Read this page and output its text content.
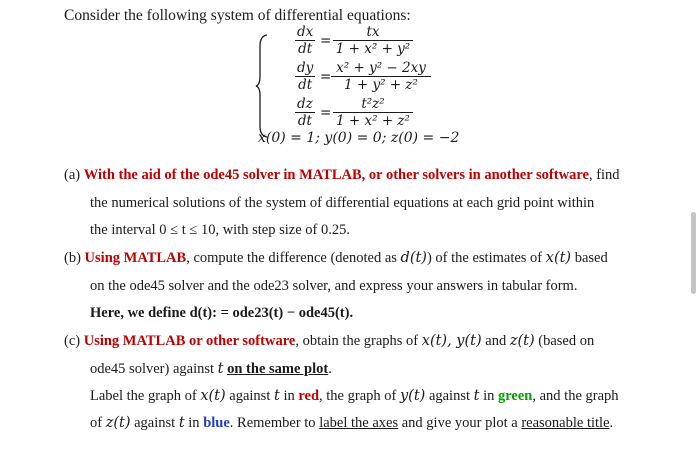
Consider the following system of differential equations:
$\frac{dx}{dt} = \frac{tx}{\text{1 + x² + y²}}$
$\frac{dy}{dt} = \frac{\text{x² + y² − 2xy}}{\text{1 + y² + z²}}$
$\frac{dz}{dt} = \frac{\text{t²z²}}{\text{1 + x² + z²}}$
x(0) = 1; y(0) = 0; z(0) = −2
(a) With the aid of the ode45 solver in MATLAB, or other solvers in another software, find
the numerical solutions of the system of differential equations at each grid point within
the interval 0 ≤ t ≤ 10, with step size of 0.25.
(b) Using MATLAB, compute the difference (denoted as d(t)) of the estimates of x(t) based
on the ode45 solver and the ode23 solver, and express your answers in tabular form.
Here, we define d(t): = ode23(t) − ode45(t).
(c) Using MATLAB or other software, obtain the graphs of x(t), y(t) and z(t) (based on
ode45 solver) against t on the same plot.
Label the graph of x(t) against t in red, the graph of y(t) against t in green, and the graph
of z(t) against t in blue. Remember to label the axes and give your plot a reasonable title.
